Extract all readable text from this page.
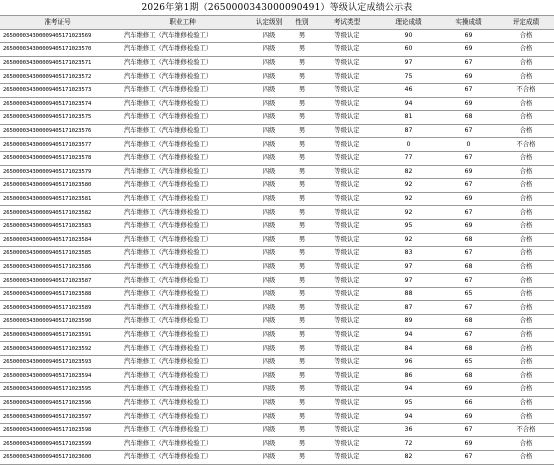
2026年第1期（26500003430000904​91）等级认定成绩公示表
准考证号	职业工种	认定级别	性别	考试类型	理论成绩	实操成绩	评定成绩
265000034300009405171023569	汽车维修工（汽车维修检验工）	四级	男	等级认定	90	69	合格
265000034300009405171023570	汽车维修工（汽车维修检验工）	四级	男	等级认定	60	69	合格
265000034300009405171023571	汽车维修工（汽车维修检验工）	四级	男	等级认定	97	67	合格
265000034300009405171023572	汽车维修工（汽车维修检验工）	四级	男	等级认定	75	69	合格
265000034300009405171023573	汽车维修工（汽车维修检验工）	四级	男	等级认定	46	67	不合格
265000034300009405171023574	汽车维修工（汽车维修检验工）	四级	男	等级认定	94	69	合格
265000034300009405171023575	汽车维修工（汽车维修检验工）	四级	男	等级认定	81	68	合格
265000034300009405171023576	汽车维修工（汽车维修检验工）	四级	男	等级认定	87	67	合格
265000034300009405171023577	汽车维修工（汽车维修检验工）	四级	男	等级认定	0	0	不合格
265000034300009405171023578	汽车维修工（汽车维修检验工）	四级	男	等级认定	77	67	合格
265000034300009405171023579	汽车维修工（汽车维修检验工）	四级	男	等级认定	82	69	合格
265000034300009405171023580	汽车维修工（汽车维修检验工）	四级	男	等级认定	92	67	合格
265000034300009405171023581	汽车维修工（汽车维修检验工）	四级	男	等级认定	92	69	合格
265000034300009405171023582	汽车维修工（汽车维修检验工）	四级	男	等级认定	92	67	合格
265000034300009405171023583	汽车维修工（汽车维修检验工）	四级	男	等级认定	95	69	合格
265000034300009405171023584	汽车维修工（汽车维修检验工）	四级	男	等级认定	92	68	合格
265000034300009405171023585	汽车维修工（汽车维修检验工）	四级	男	等级认定	83	67	合格
265000034300009405171023586	汽车维修工（汽车维修检验工）	四级	男	等级认定	97	68	合格
265000034300009405171023587	汽车维修工（汽车维修检验工）	四级	男	等级认定	97	67	合格
265000034300009405171023588	汽车维修工（汽车维修检验工）	四级	男	等级认定	88	65	合格
265000034300009405171023589	汽车维修工（汽车维修检验工）	四级	男	等级认定	87	67	合格
265000034300009405171023590	汽车维修工（汽车维修检验工）	四级	男	等级认定	89	68	合格
265000034300009405171023591	汽车维修工（汽车维修检验工）	四级	男	等级认定	94	67	合格
265000034300009405171023592	汽车维修工（汽车维修检验工）	四级	男	等级认定	84	68	合格
265000034300009405171023593	汽车维修工（汽车维修检验工）	四级	男	等级认定	96	65	合格
265000034300009405171023594	汽车维修工（汽车维修检验工）	四级	男	等级认定	86	68	合格
265000034300009405171023595	汽车维修工（汽车维修检验工）	四级	男	等级认定	94	69	合格
265000034300009405171023596	汽车维修工（汽车维修检验工）	四级	男	等级认定	95	66	合格
265000034300009405171023597	汽车维修工（汽车维修检验工）	四级	男	等级认定	94	69	合格
265000034300009405171023598	汽车维修工（汽车维修检验工）	四级	男	等级认定	36	67	不合格
265000034300009405171023599	汽车维修工（汽车维修检验工）	四级	男	等级认定	72	69	合格
265000034300009405171023600	汽车维修工（汽车维修检验工）	四级	男	等级认定	82	67	合格
